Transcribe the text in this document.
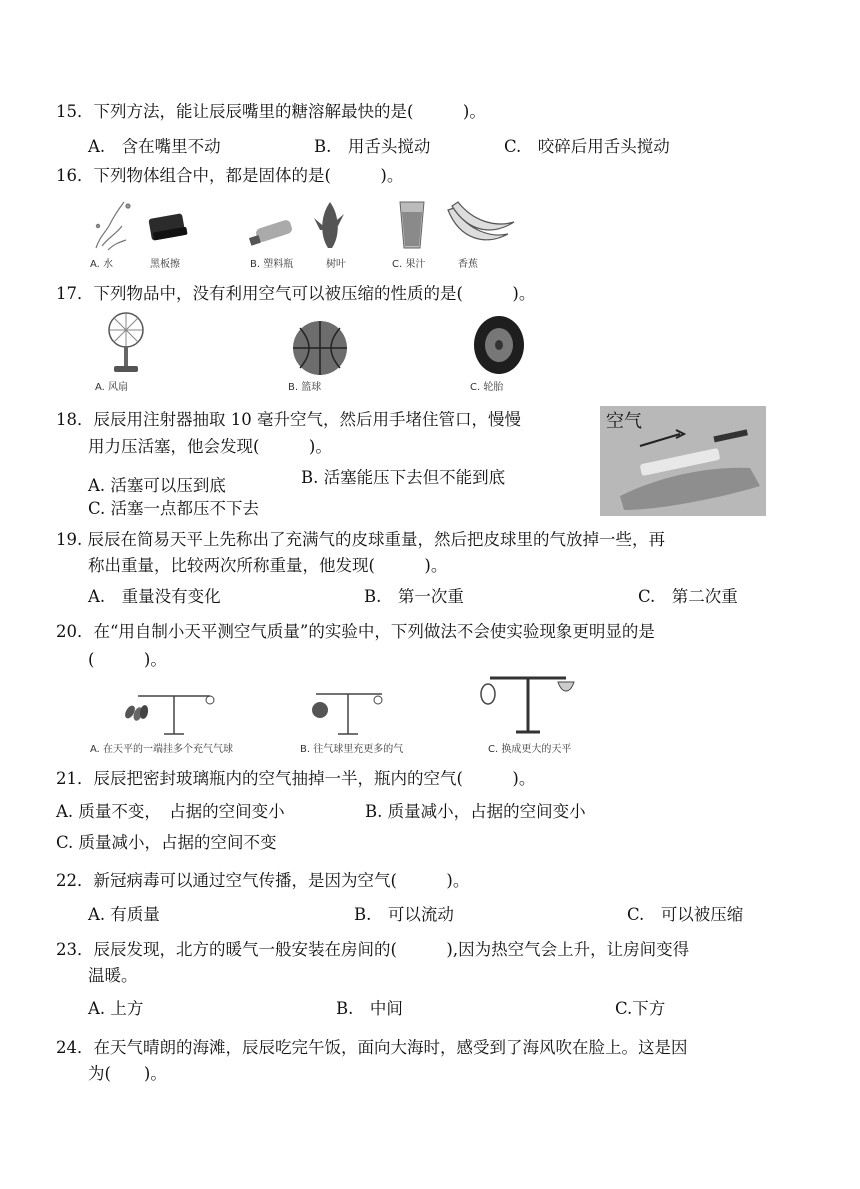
15．下列方法，能让辰辰嘴里的糖溶解最快的是(　　　)。
A.　含在嘴里不动	B.　用舌头搅动	C.　咬碎后用舌头搅动
16．下列物体组合中，都是固体的是(　　　)。
A. 水	黑板擦	B. 塑料瓶	树叶	C. 果汁	香蕉
17．下列物品中，没有利用空气可以被压缩的性质的是(　　　)。
A. 风扇	B. 篮球	C. 轮胎
18．辰辰用注射器抽取 10 毫升空气，然后用手堵住管口，慢慢
用力压活塞，他会发现(　　　)。
空气
A. 活塞可以压到底	B. 活塞能压下去但不能到底
C. 活塞一点都压不下去
19. 辰辰在简易天平上先称出了充满气的皮球重量，然后把皮球里的气放掉一些，再
称出重量，比较两次所称重量，他发现(　　　)。
A.　重量没有变化	B.　第一次重	C.　第二次重
20．在“用自制小天平测空气质量”的实验中，下列做法不会使实验现象更明显的是
(　　　)。
A. 在天平的一端挂多个充气气球	B. 往气球里充更多的气	C. 换成更大的天平
21．辰辰把密封玻璃瓶内的空气抽掉一半，瓶内的空气(　　　)。
A. 质量不变，　占据的空间变小	B. 质量减小，占据的空间变小
C. 质量减小，占据的空间不变
22．新冠病毒可以通过空气传播，是因为空气(　　　)。
A. 有质量	B.　可以流动	C.　可以被压缩
23．辰辰发现，北方的暖气一般安装在房间的(　　　),因为热空气会上升，让房间变得
温暖。
A. 上方	B.　中间	C.下方
24．在天气晴朗的海滩，辰辰吃完午饭，面向大海时，感受到了海风吹在脸上。这是因
为(　　)。
